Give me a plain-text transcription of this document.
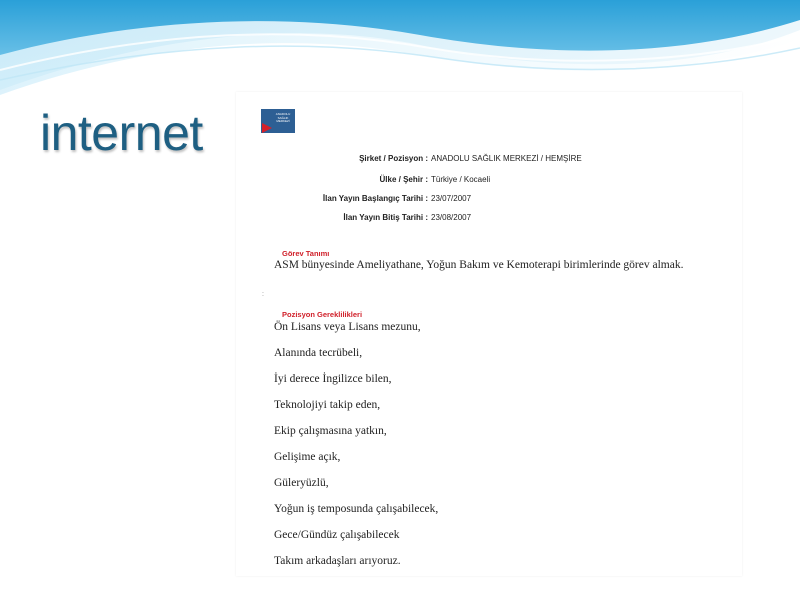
internet	ANADOLU SAĞLIK MERKEZİ
Şirket / Pozisyon : ANADOLU SAĞLIK MERKEZİ / HEMŞİRE
Ülke / Şehir : Türkiye / Kocaeli
İlan Yayın Başlangıç Tarihi : 23/07/2007
İlan Yayın Bitiş Tarihi : 23/08/2007
Görev Tanımı
ASM bünyesinde Ameliyathane, Yoğun Bakım ve Kemoterapi birimlerinde görev almak.
:
Pozisyon Gereklilikleri
Ön Lisans veya Lisans mezunu,
Alanında tecrübeli,
İyi derece İngilizce bilen,
Teknolojiyi takip eden,
Ekip çalışmasına yatkın,
Gelişime açık,
Güleryüzlü,
Yoğun iş temposunda çalışabilecek,
Gece/Gündüz çalışabilecek
Takım arkadaşları arıyoruz.
